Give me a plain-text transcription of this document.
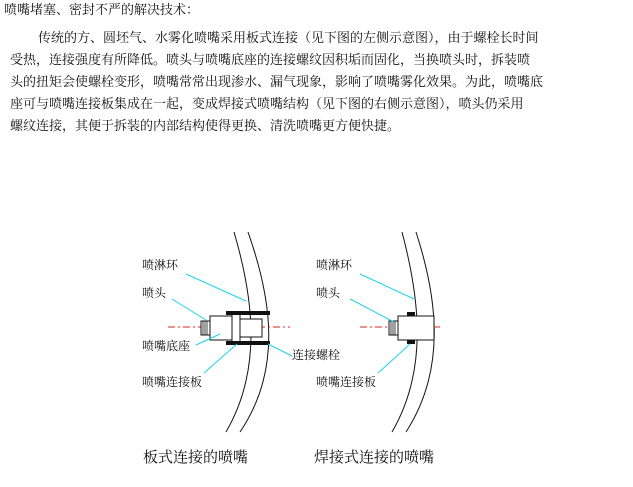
喷嘴堵塞、密封不严的解决技术：
传统的方、圆坯气、水雾化喷嘴采用板式连接（见下图的左侧示意图），由于螺栓长时间
受热，连接强度有所降低。喷头与喷嘴底座的连接螺纹因积垢而固化，当换喷头时，拆装喷
头的扭矩会使螺栓变形，喷嘴常常出现渗水、漏气现象，影响了喷嘴雾化效果。为此，喷嘴底
座可与喷嘴连接板集成在一起，变成焊接式喷嘴结构（见下图的右侧示意图），喷头仍采用
螺纹连接，其便于拆装的内部结构使得更换、清洗喷嘴更方便快捷。
喷淋环
喷头
喷嘴底座
连接螺栓
喷嘴连接板
板式连接的喷嘴
喷淋环
喷头
喷嘴连接板
焊接式连接的喷嘴
